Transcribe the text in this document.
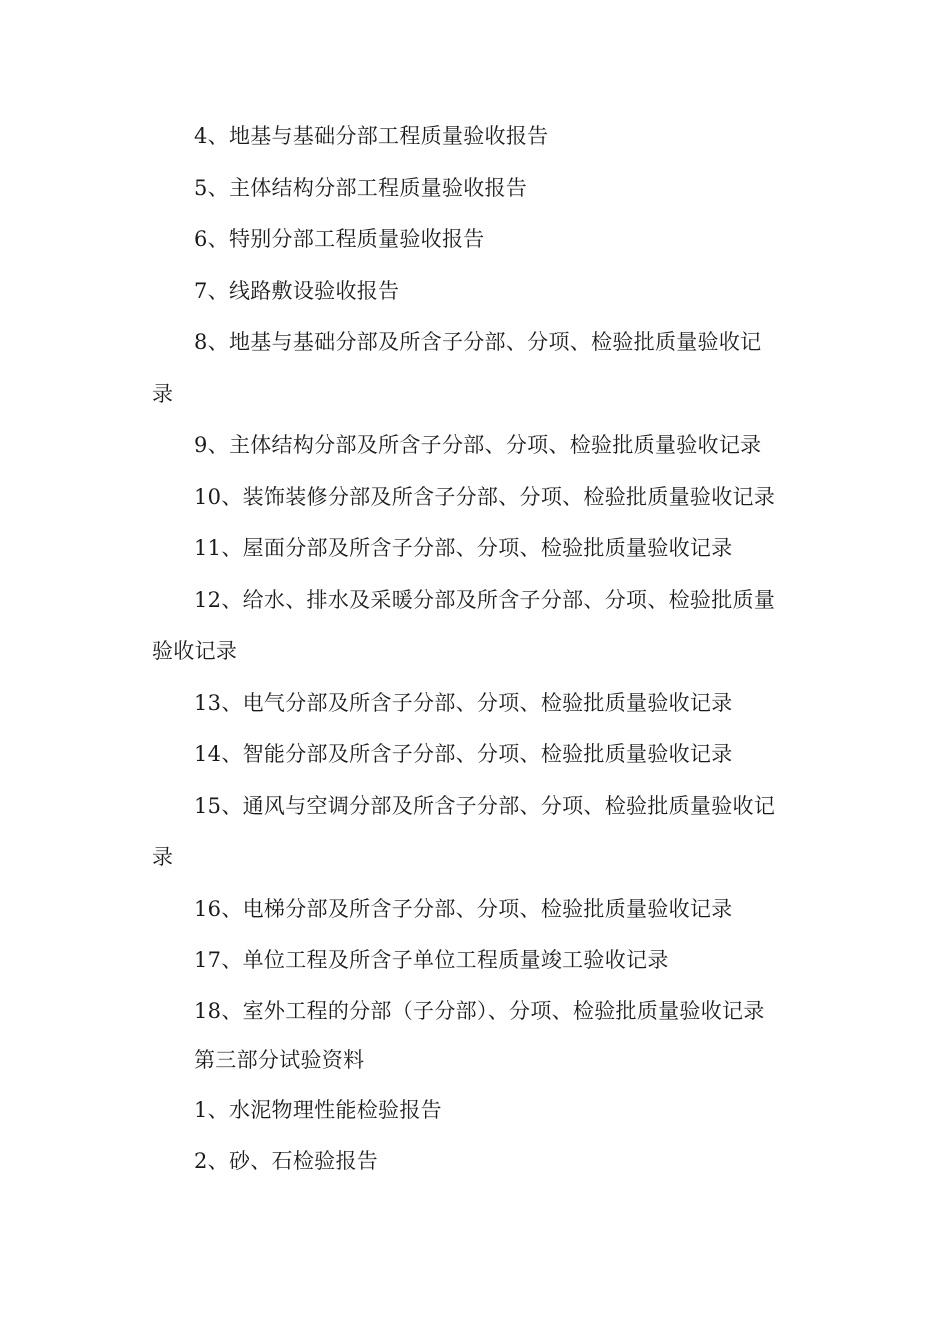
4、地基与基础分部工程质量验收报告
5、主体结构分部工程质量验收报告
6、特别分部工程质量验收报告
7、线路敷设验收报告
8、地基与基础分部及所含子分部、分项、检验批质量验收记
录
9、主体结构分部及所含子分部、分项、检验批质量验收记录
10、装饰装修分部及所含子分部、分项、检验批质量验收记录
11、屋面分部及所含子分部、分项、检验批质量验收记录
12、给水、排水及采暖分部及所含子分部、分项、检验批质量
验收记录
13、电气分部及所含子分部、分项、检验批质量验收记录
14、智能分部及所含子分部、分项、检验批质量验收记录
15、通风与空调分部及所含子分部、分项、检验批质量验收记
录
16、电梯分部及所含子分部、分项、检验批质量验收记录
17、单位工程及所含子单位工程质量竣工验收记录
18、室外工程的分部（子分部）、分项、检验批质量验收记录
第三部分试验资料
1、水泥物理性能检验报告
2、砂、石检验报告
